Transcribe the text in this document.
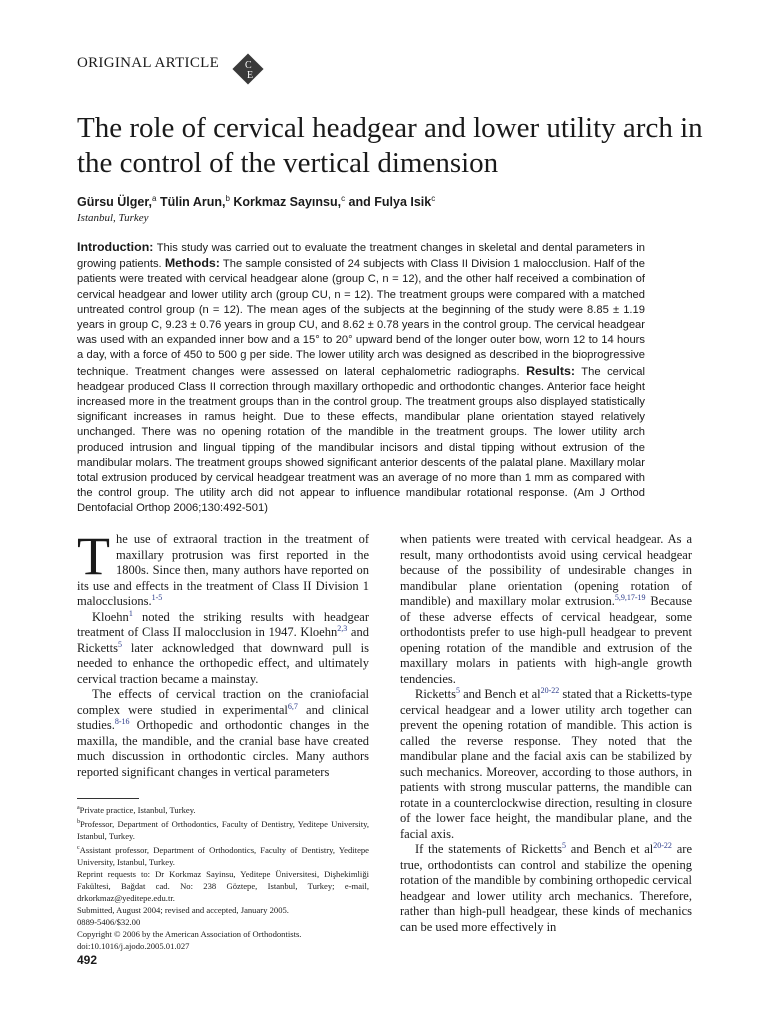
ORIGINAL ARTICLE	C
E
The role of cervical headgear and lower utility arch in the control of the vertical dimension
Gürsu Ülger,$^a$ Tülin Arun,$^b$ Korkmaz Sayınsu,$^c$ and Fulya Isik$^c$
Istanbul, Turkey
Introduction: This study was carried out to evaluate the treatment changes in skeletal and dental parameters in growing patients. Methods: The sample consisted of 24 subjects with Class II Division 1 malocclusion. Half of the patients were treated with cervical headgear alone (group C, n = 12), and the other half received a combination of cervical headgear and lower utility arch (group CU, n = 12). The treatment groups were compared with a matched untreated control group (n = 12). The mean ages of the subjects at the beginning of the study were 8.85 ± 1.19 years in group C, 9.23 ± 0.76 years in group CU, and 8.62 ± 0.78 years in the control group. The cervical headgear was used with an expanded inner bow and a 15° to 20° upward bend of the longer outer bow, worn 12 to 14 hours a day, with a force of 450 to 500 g per side. The lower utility arch was designed as described in the bioprogressive technique. Treatment changes were assessed on lateral cephalometric radiographs. Results: The cervical headgear produced Class II correction through maxillary orthopedic and orthodontic changes. Anterior face height increased more in the treatment groups than in the control group. The treatment groups also displayed statistically significant increases in ramus height. Due to these effects, mandibular plane orientation stayed relatively unchanged. There was no opening rotation of the mandible in the treatment groups. The lower utility arch produced intrusion and lingual tipping of the mandibular incisors and distal tipping without extrusion of the mandibular molars. The treatment groups showed significant anterior descents of the palatal plane. Maxillary molar total extrusion produced by cervical headgear treatment was an average of no more than 1 mm as compared with the control group. The utility arch did not appear to influence mandibular rotational response. (Am J Orthod Dentofacial Orthop 2006;130:492-501)

The use of extraoral traction in the treatment of maxillary protrusion was first reported in the 1800s. Since then, many authors have reported on its use and effects in the treatment of Class II Division 1 malocclusions.$^{1-5}$

Kloehn$^1$ noted the striking results with headgear treatment of Class II malocclusion in 1947. Kloehn$^{2,3}$ and Ricketts$^5$ later acknowledged that downward pull is needed to enhance the orthopedic effect, and ultimately cervical traction became a mainstay.

The effects of cervical traction on the craniofacial complex were studied in experimental$^{6,7}$ and clinical studies.$^{8-16}$ Orthopedic and orthodontic changes in the maxilla, the mandible, and the cranial base have created much discussion in orthodontic circles. Many authors reported significant changes in vertical parameters

$^a$Private practice, Istanbul, Turkey.

$^b$Professor, Department of Orthodontics, Faculty of Dentistry, Yeditepe University, Istanbul, Turkey.

$^c$Assistant professor, Department of Orthodontics, Faculty of Dentistry, Yeditepe University, Istanbul, Turkey.

Reprint requests to: Dr Korkmaz Sayinsu, Yeditepe Üniversitesi, Dişhekimliği Fakültesi, Bağdat cad. No: 238 Göztepe, Istanbul, Turkey; e-mail, drkorkmaz@yeditepe.edu.tr.

Submitted, August 2004; revised and accepted, January 2005.

0889-5406/$32.00

Copyright © 2006 by the American Association of Orthodontists.

doi:10.1016/j.ajodo.2005.01.027

when patients were treated with cervical headgear. As a result, many orthodontists avoid using cervical headgear because of the possibility of undesirable changes in mandibular plane orientation (opening rotation of mandible) and maxillary molar extrusion.$^{5,9,17-19}$ Because of these adverse effects of cervical headgear, some orthodontists prefer to use high-pull headgear to prevent opening rotation of the mandible and extrusion of the maxillary molars in patients with high-angle growth tendencies.

Ricketts$^5$ and Bench et $al^{20-22}$ stated that a Ricketts-type cervical headgear and a lower utility arch together can prevent the opening rotation of mandible. This action is called the reverse response. They noted that the mandibular plane and the facial axis can be stabilized by such mechanics. Moreover, according to those authors, in patients with strong muscular patterns, the mandible can rotate in a counterclockwise direction, resulting in closure of the lower face height, the mandibular plane, and the facial axis.

If the statements of Ricketts$^5$ and Bench et $al^{20-22}$ are true, orthodontists can control and stabilize the opening rotation of the mandible by combining orthopedic cervical headgear and lower utility arch mechanics. Therefore, rather than high-pull headgear, these kinds of mechanics can be used more effectively in

492
